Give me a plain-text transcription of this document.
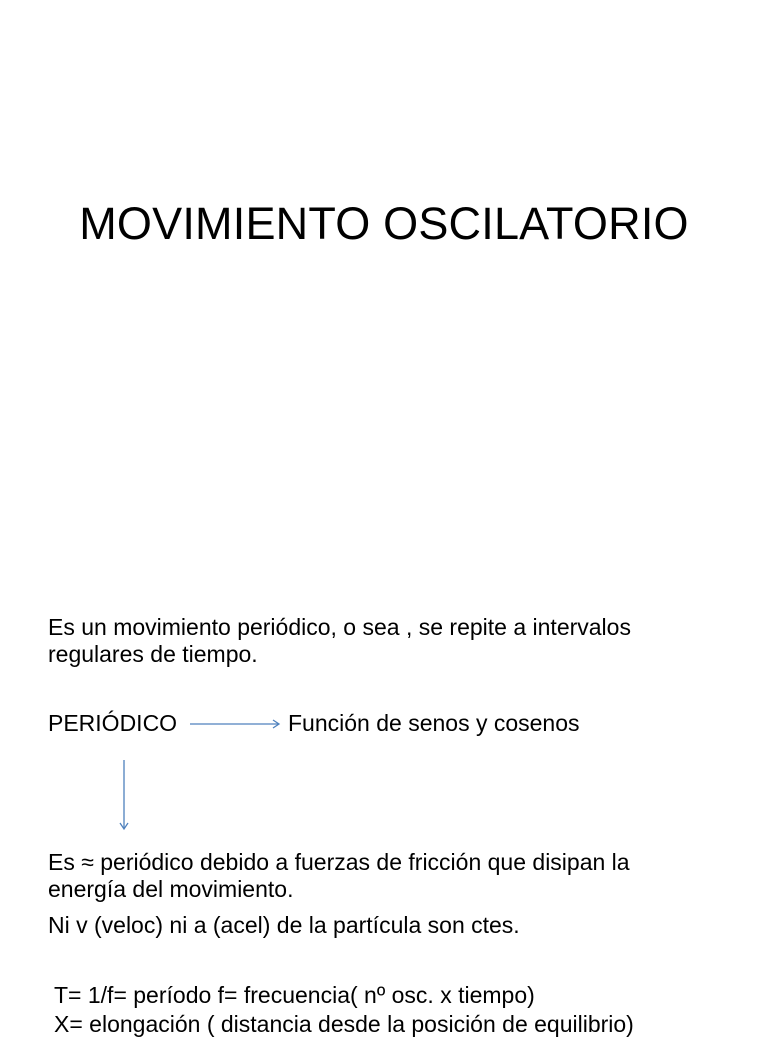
MOVIMIENTO OSCILATORIO
Es un movimiento periódico, o sea , se repite a intervalos
regulares de tiempo.
PERIÓDICO	Función de senos y cosenos
Es ≈ periódico debido a fuerzas de fricción que disipan la
energía del movimiento.
Ni v (veloc) ni a (acel) de la partícula son ctes.
T= 1/f= período f= frecuencia( nº osc. x tiempo)
X= elongación ( distancia desde la posición de equilibrio)
